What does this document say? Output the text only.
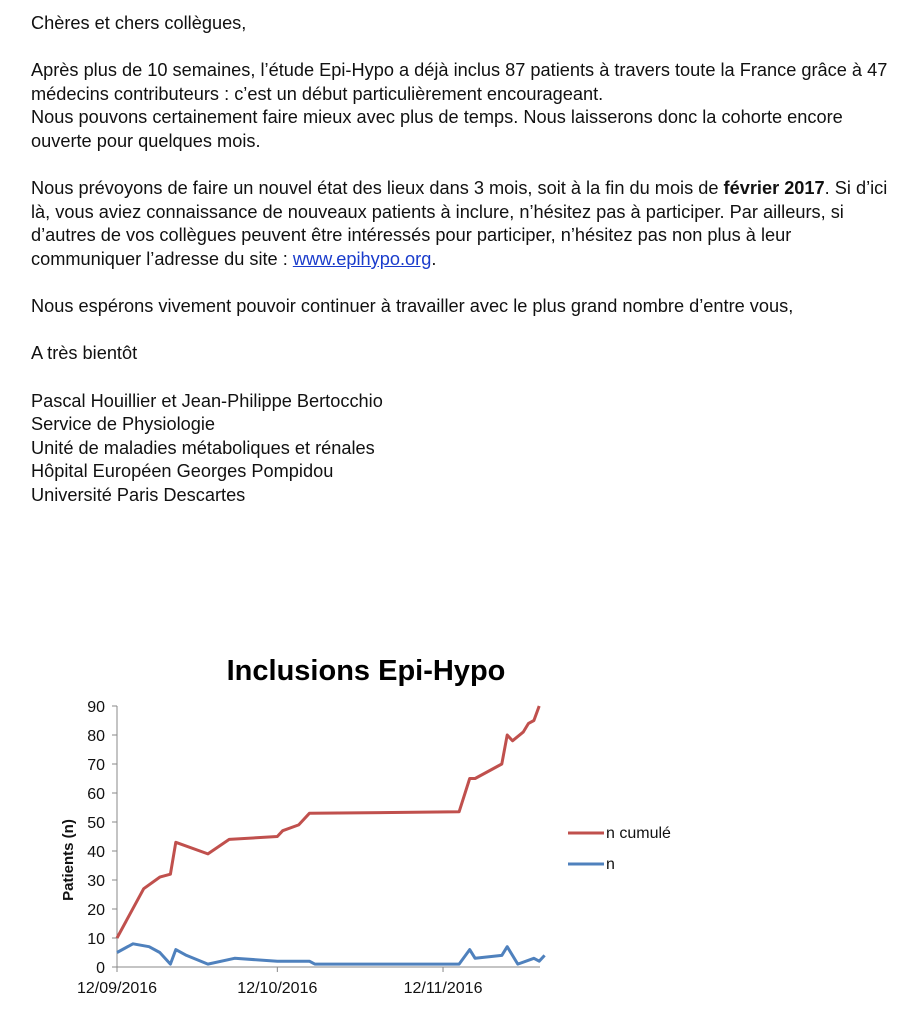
Chères et chers collègues,

Après plus de 10 semaines, l’étude Epi-Hypo a déjà inclus 87 patients à travers toute la France grâce à 47 médecins contributeurs : c’est un début particulièrement encourageant.

Nous pouvons certainement faire mieux avec plus de temps. Nous laisserons donc la cohorte encore ouverte pour quelques mois.

Nous prévoyons de faire un nouvel état des lieux dans 3 mois, soit à la fin du mois de février 2017. Si d’ici là, vous aviez connaissance de nouveaux patients à inclure, n’hésitez pas à participer. Par ailleurs, si d’autres de vos collègues peuvent être intéressés pour participer, n’hésitez pas non plus à leur communiquer l’adresse du site : www.epihypo.org.

Nous espérons vivement pouvoir continuer à travailler avec le plus grand nombre d’entre vous,

A très bientôt

Pascal Houillier et Jean-Philippe Bertocchio

Service de Physiologie

Unité de maladies métaboliques et rénales

Hôpital Européen Georges Pompidou

Université Paris Descartes

Inclusions Epi-Hypo
0
10
20
30
40
50
60
70
80
90
12/09/2016	12/10/2016	12/11/2016
n cumulé
n
Patients (n)
